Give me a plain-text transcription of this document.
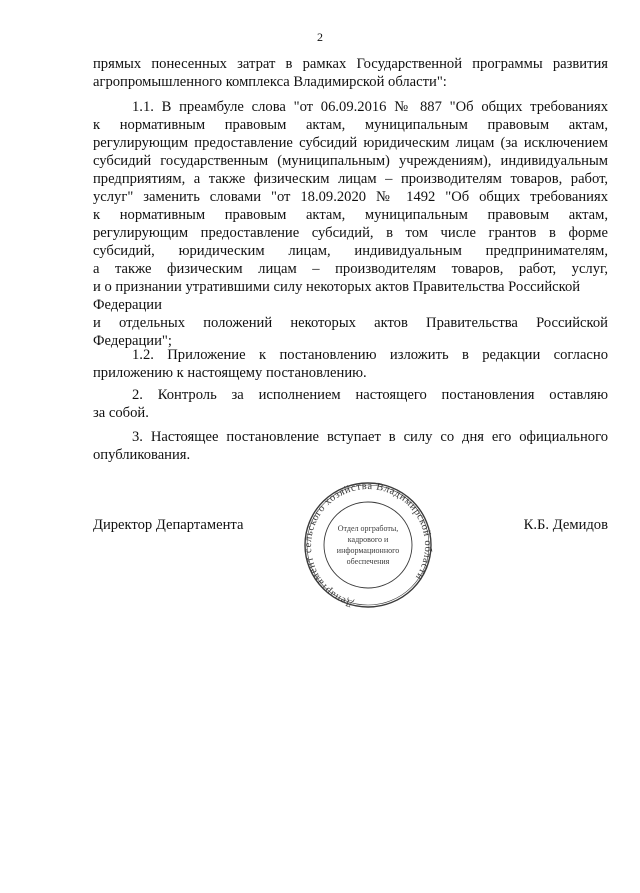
2
прямых понесенных затрат в рамках Государственной программы развития
агропромышленного комплекса Владимирской области":
1.1. В преамбуле слова "от 06.09.2016 № 887 "Об общих требованиях
к нормативным правовым актам, муниципальным правовым актам,
регулирующим предоставление субсидий юридическим лицам (за исключением
субсидий государственным (муниципальным) учреждениям), индивидуальным
предприятиям, а также физическим лицам – производителям товаров, работ,
услуг" заменить словами "от 18.09.2020 № 1492 "Об общих требованиях
к нормативным правовым актам, муниципальным правовым актам,
регулирующим предоставление субсидий, в том числе грантов в форме
субсидий, юридическим лицам, индивидуальным предпринимателям,
а также физическим лицам – производителям товаров, работ, услуг,
и о признании утратившими силу некоторых актов Правительства Российской
Федерации
и отдельных положений некоторых актов Правительства Российской
Федерации";
1.2. Приложение к постановлению изложить в редакции согласно
приложению к настоящему постановлению.
2. Контроль за исполнением настоящего постановления оставляю
за собой.
3. Настоящее постановление вступает в силу со дня его официального
опубликования.
Директор Департамента	К.Б. Демидов
Департамент сельского хозяйства Владимирской области
Отдел оргработы,
кадрового и
информационного
обеспечения
